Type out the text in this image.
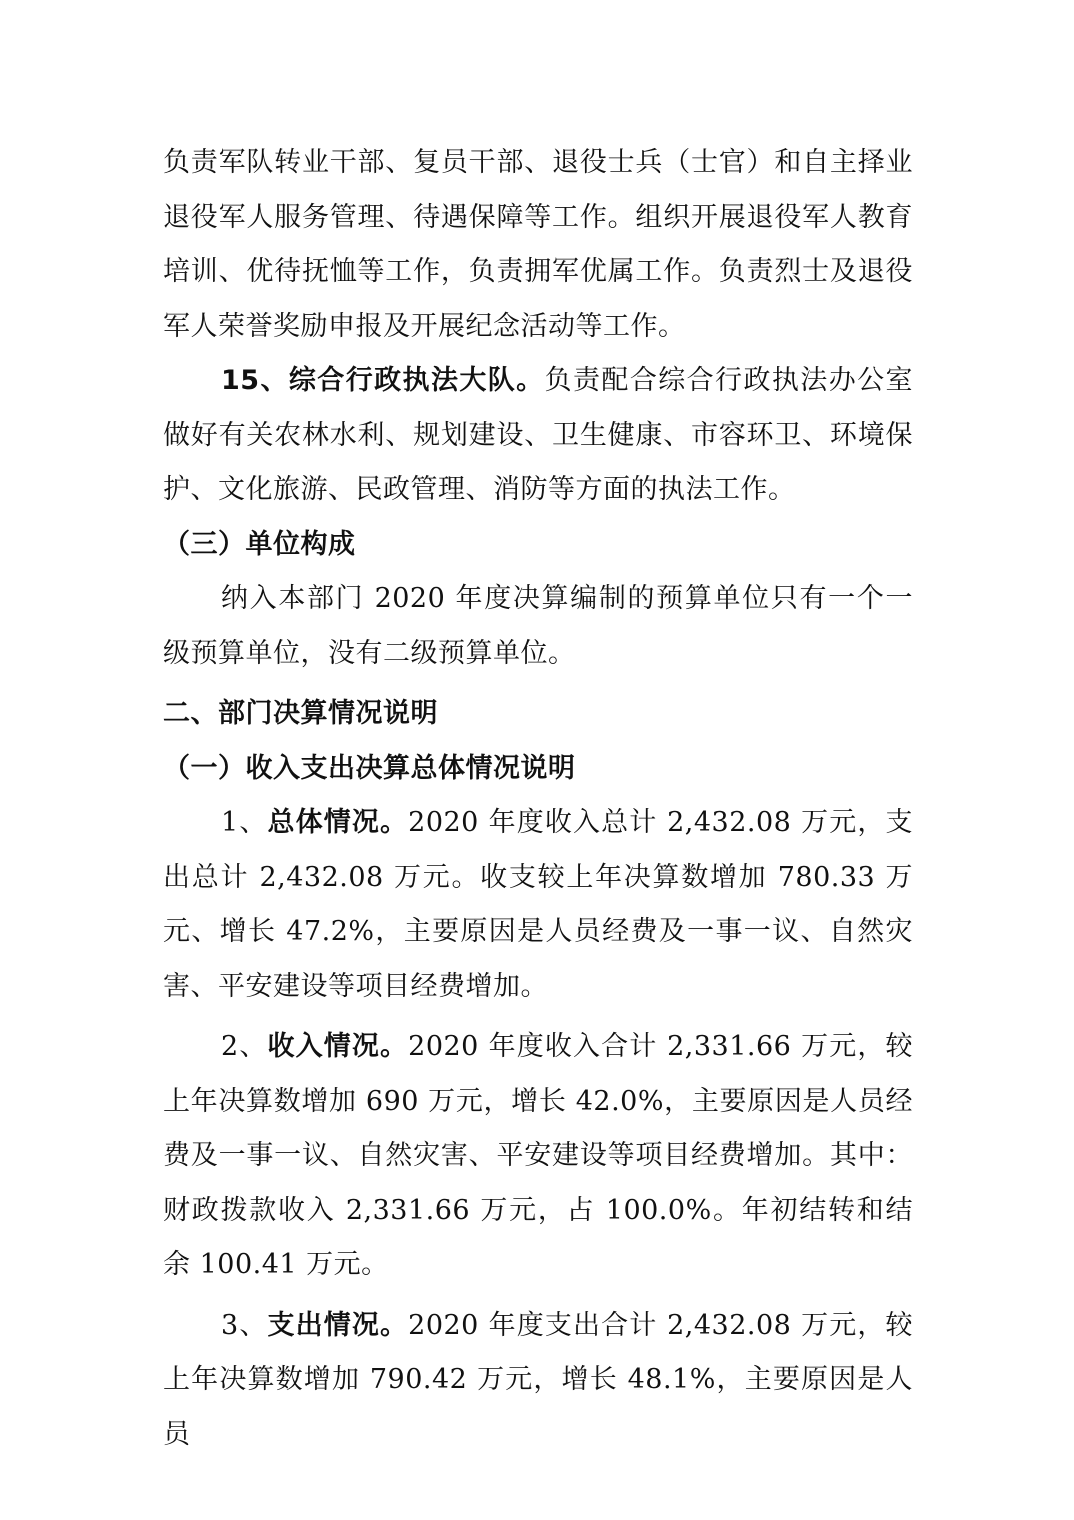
负责军队转业干部、复员干部、退役士兵（士官）和自主择业退役军人服务管理、待遇保障等工作。组织开展退役军人教育培训、优待抚恤等工作，负责拥军优属工作。负责烈士及退役军人荣誉奖励申报及开展纪念活动等工作。

15、综合行政执法大队。负责配合综合行政执法办公室做好有关农林水利、规划建设、卫生健康、市容环卫、环境保护、文化旅游、民政管理、消防等方面的执法工作。

（三）单位构成

纳入本部门 2020 年度决算编制的预算单位只有一个一级预算单位，没有二级预算单位。

二、部门决算情况说明

（一）收入支出决算总体情况说明

1、总体情况。2020 年度收入总计 2,432.08 万元，支出总计 2,432.08 万元。收支较上年决算数增加 780.33 万元、增长 47.2%，主要原因是人员经费及一事一议、自然灾害、平安建设等项目经费增加。

2、收入情况。2020 年度收入合计 2,331.66 万元，较上年决算数增加 690 万元，增长 42.0%，主要原因是人员经费及一事一议、自然灾害、平安建设等项目经费增加。其中：财政拨款收入 2,331.66 万元，占 100.0%。年初结转和结余 100.41 万元。

3、支出情况。2020 年度支出合计 2,432.08 万元，较上年决算数增加 790.42 万元，增长 48.1%，主要原因是人员
